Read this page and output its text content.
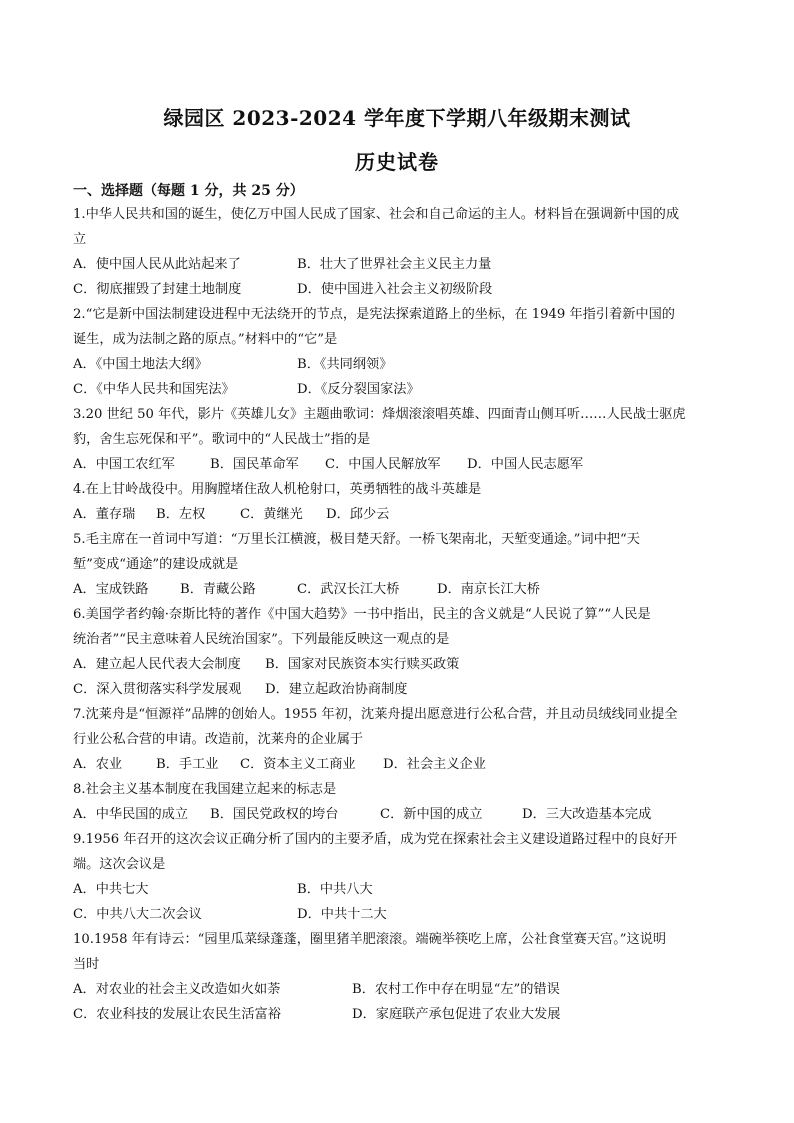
绿园区 2023-2024 学年度下学期八年级期末测试
历史试卷
一、选择题（每题 1 分，共 25 分）
1.中华人民共和国的诞生，使亿万中国人民成了国家、社会和自己命运的主人。材料旨在强调新中国的成
立
A．使中国人民从此站起来了	B．壮大了世界社会主义民主力量
C．彻底摧毁了封建土地制度	D．使中国进入社会主义初级阶段
2.“它是新中国法制建设进程中无法绕开的节点，是宪法探索道路上的坐标，在 1949 年指引着新中国的
诞生，成为法制之路的原点。”材料中的“它”是
A．《中国土地法大纲》	B．《共同纲领》
C．《中华人民共和国宪法》	D．《反分裂国家法》
3.20 世纪 50 年代，影片《英雄儿女》主题曲歌词：烽烟滚滚唱英雄、四面青山侧耳听……人民战士驱虎
豹，舍生忘死保和平”。歌词中的“人民战士”指的是
A．中国工农红军	B．国民革命军 C．中国人民解放军 D．中国人民志愿军
4.在上甘岭战役中。用胸膛堵住敌人机枪射口，英勇牺牲的战斗英雄是
A．董存瑞 B．左权	C．黄继光 D．邱少云
5.毛主席在一首词中写道：“万里长江横渡，极目楚天舒。一桥飞架南北，天堑变通途。”词中把“天
堑”变成“通途”的建设成就是
A．宝成铁路 B．青藏公路	C．武汉长江大桥	D．南京长江大桥
6.美国学者约翰·奈斯比特的著作《中国大趋势》一书中指出，民主的含义就是“人民说了算”“人民是
统治者”“民主意味着人民统治国家”。下列最能反映这一观点的是
A．建立起人民代表大会制度 B．国家对民族资本实行赎买政策
C．深入贯彻落实科学发展观 D．建立起政治协商制度
7.沈莱舟是“恒源祥”品牌的创始人。1955 年初，沈莱舟提出愿意进行公私合营，并且动员绒线同业提全
行业公私合营的申请。改造前，沈莱舟的企业属于
A．农业	B．手工业 C．资本主义工商业 D．社会主义企业
8.社会主义基本制度在我国建立起来的标志是
A．中华民国的成立 B．国民党政权的垮台	C．新中国的成立	D．三大改造基本完成
9.1956 年召开的这次会议正确分析了国内的主要矛盾，成为党在探索社会主义建设道路过程中的良好开
端。这次会议是
A．中共七大	B．中共八大
C．中共八大二次会议	D．中共十二大
10.1958 年有诗云：“园里瓜菜绿蓬蓬，圈里猪羊肥滚滚。端碗举筷吃上席，公社食堂赛天宫。”这说明
当时
A．对农业的社会主义改造如火如荼	B．农村工作中存在明显“左”的错误
C．农业科技的发展让农民生活富裕	D．家庭联产承包促进了农业大发展
